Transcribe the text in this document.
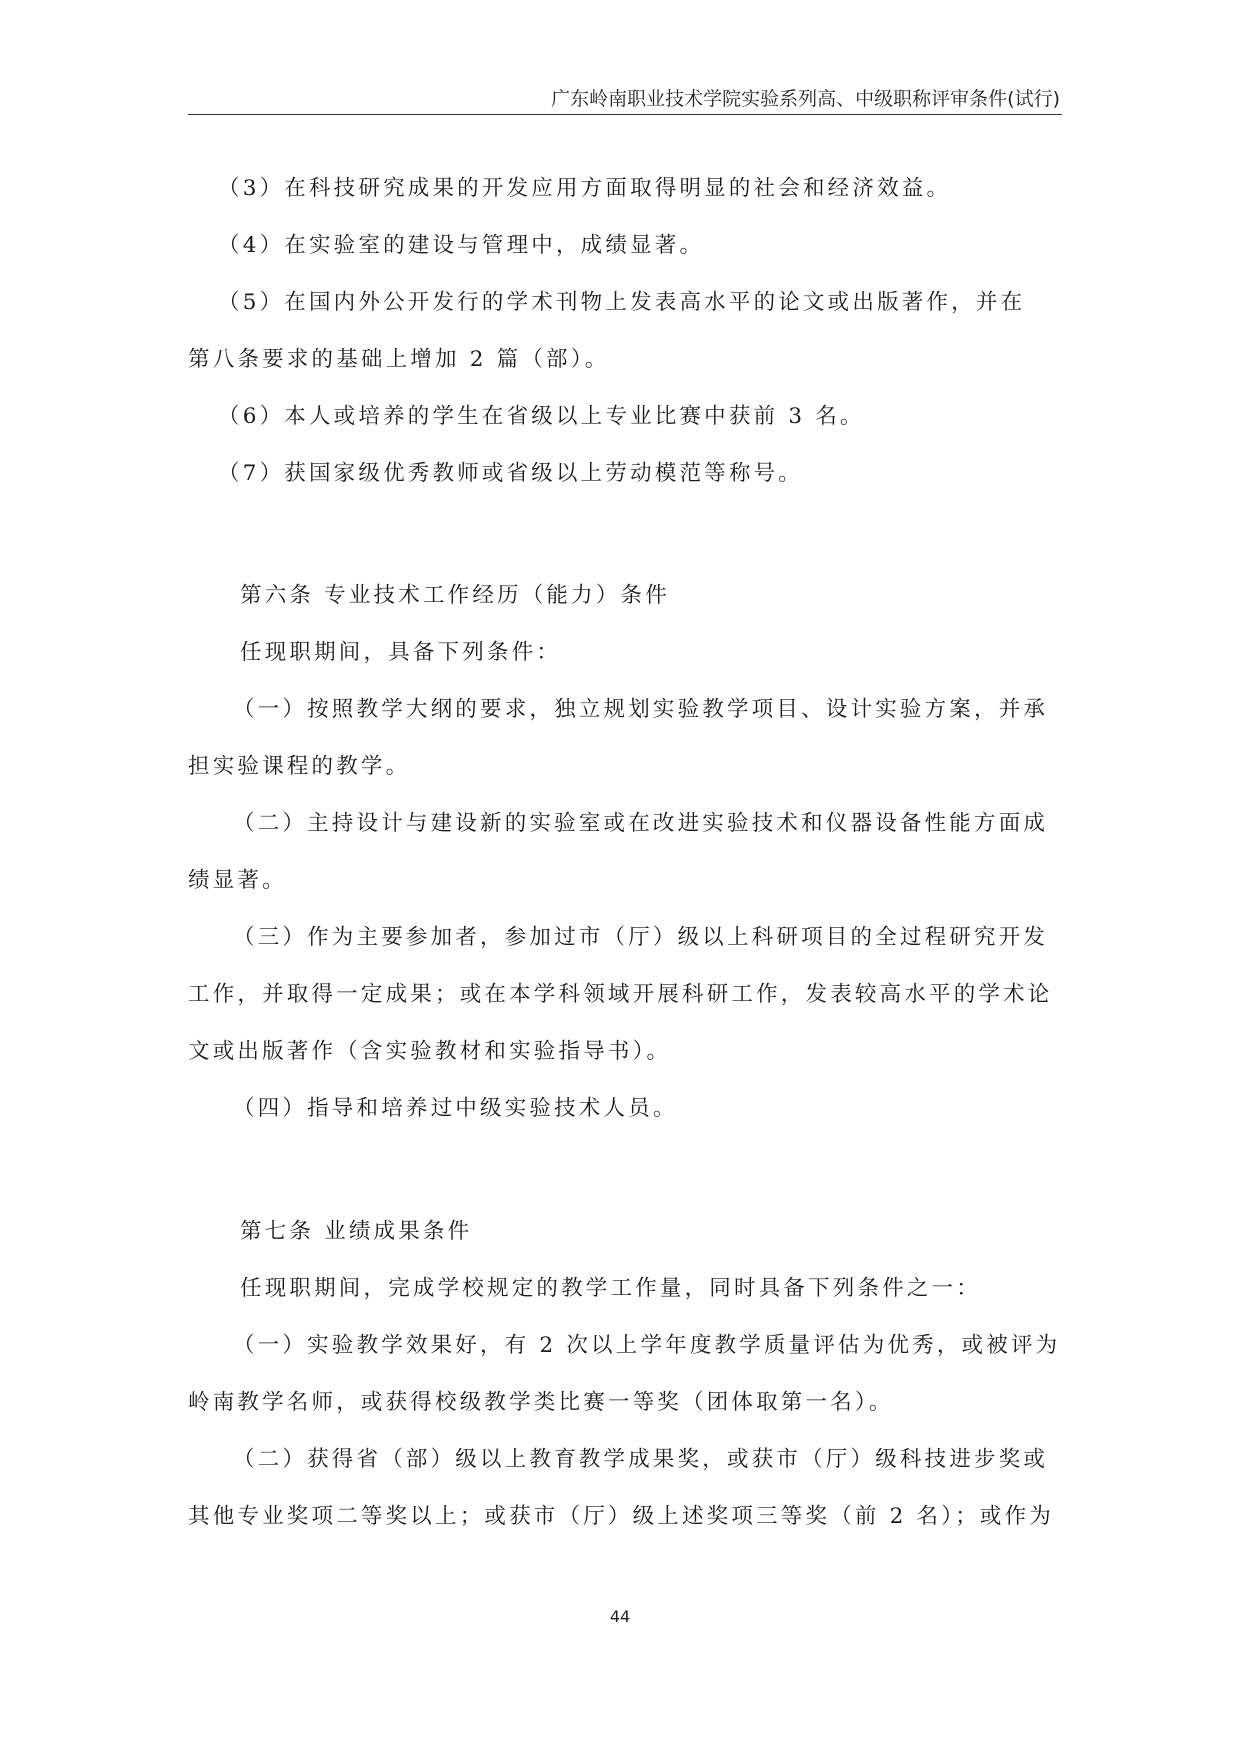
广东岭南职业技术学院实验系列高、中级职称评审条件(试行)
（3）在科技研究成果的开发应用方面取得明显的社会和经济效益。
（4）在实验室的建设与管理中，成绩显著。
（5）在国内外公开发行的学术刊物上发表高水平的论文或出版著作，并在
第八条要求的基础上增加 2 篇（部）。
（6）本人或培养的学生在省级以上专业比赛中获前 3 名。
（7）获国家级优秀教师或省级以上劳动模范等称号。
第六条 专业技术工作经历（能力）条件
任现职期间，具备下列条件：
（一）按照教学大纲的要求，独立规划实验教学项目、设计实验方案，并承
担实验课程的教学。
（二）主持设计与建设新的实验室或在改进实验技术和仪器设备性能方面成
绩显著。
（三）作为主要参加者，参加过市（厅）级以上科研项目的全过程研究开发
工作，并取得一定成果；或在本学科领域开展科研工作，发表较高水平的学术论
文或出版著作（含实验教材和实验指导书）。
（四）指导和培养过中级实验技术人员。
第七条 业绩成果条件
任现职期间，完成学校规定的教学工作量，同时具备下列条件之一：
（一）实验教学效果好，有 2 次以上学年度教学质量评估为优秀，或被评为
岭南教学名师，或获得校级教学类比赛一等奖（团体取第一名）。
（二）获得省（部）级以上教育教学成果奖，或获市（厅）级科技进步奖或
其他专业奖项二等奖以上；或获市（厅）级上述奖项三等奖（前 2 名）；或作为
44
